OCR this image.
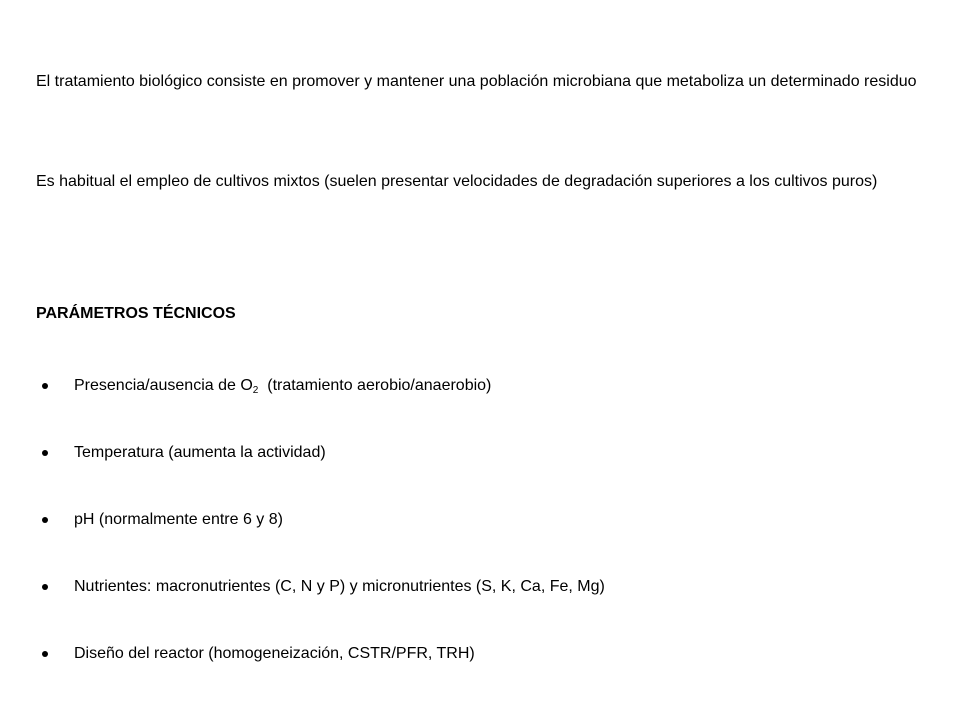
El tratamiento biológico consiste en promover y mantener una población microbiana que metaboliza un determinado residuo

Es habitual el empleo de cultivos mixtos (suelen presentar velocidades de degradación superiores a los cultivos puros)

PARÁMETROS TÉCNICOS
Presencia/ausencia de $O_2$  (tratamiento aerobio/anaerobio)
Temperatura (aumenta la actividad)
pH (normalmente entre 6 y 8)
Nutrientes: macronutrientes (C, N y P) y micronutrientes (S, K, Ca, Fe, Mg)
Diseño del reactor (homogeneización, CSTR/PFR, TRH)
